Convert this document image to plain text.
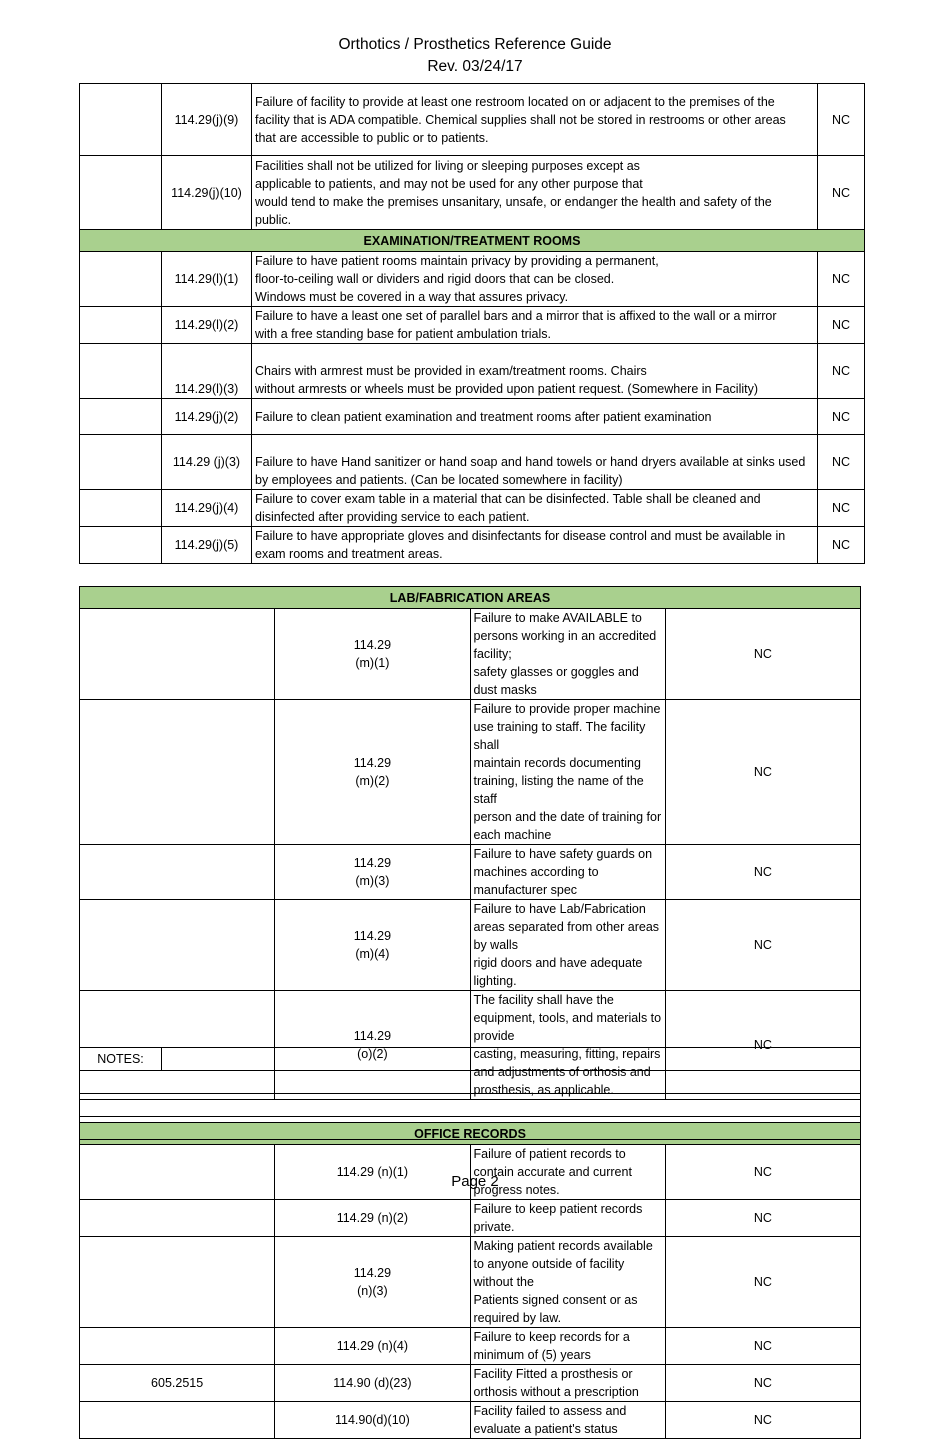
Orthotics / Prosthetics Reference Guide
Rev. 03/24/17
	114.29(j)(9)	Failure of facility to provide at least one restroom located on or adjacent to the premises of the
facility that is ADA compatible. Chemical supplies shall not be stored in restrooms or other areas
that are accessible to public or to patients.	NC
	114.29(j)(10)	Facilities shall not be utilized for living or sleeping purposes except as
applicable to patients, and may not be used for any other purpose that
would tend to make the premises unsanitary, unsafe, or endanger the health and safety of the
public.	NC
EXAMINATION/TREATMENT ROOMS			
	114.29(l)(1)	Failure to have patient rooms maintain privacy by providing a permanent,
floor-to-ceiling wall or dividers and rigid doors that can be closed.
Windows must be covered in a way that assures privacy.	NC
	114.29(l)(2)	Failure to have a least one set of parallel bars and a mirror that is affixed to the wall or a mirror
with a free standing base for patient ambulation trials.	NC
	114.29(l)(3)	Chairs with armrest must be provided in exam/treatment rooms. Chairs
without armrests or wheels must be provided upon patient request. (Somewhere in Facility)	NC
	114.29(j)(2)	Failure to clean patient examination and treatment rooms after patient examination	NC
	114.29 (j)(3)	Failure to have Hand sanitizer or hand soap and hand towels or hand dryers available at sinks used
by employees and patients. (Can be located somewhere in facility)	NC
	114.29(j)(4)	Failure to cover exam table in a material that can be disinfected. Table shall be cleaned and
disinfected after providing service to each patient.	NC
	114.29(j)(5)	Failure to have appropriate gloves and disinfectants for disease control and must be available in
exam rooms and treatment areas.	NC
LAB/FABRICATION AREAS			
	114.29
(m)(1)	Failure to make AVAILABLE to persons working in an accredited facility;
safety glasses or goggles and dust masks	NC
	114.29
(m)(2)	Failure to provide proper machine use training to staff. The facility shall
maintain records documenting training, listing the name of the staff
person and the date of training for each machine	NC
	114.29
(m)(3)	Failure to have safety guards on machines according to manufacturer spec	NC
	114.29
(m)(4)	Failure to have Lab/Fabrication areas separated from other areas by walls
rigid doors and have adequate lighting.	NC
	114.29
(o)(2)	The facility shall have the equipment, tools, and materials to provide
casting, measuring, fitting, repairs and adjustments of orthosis and
prosthesis, as applicable.	NC

OFFICE RECORDS			
	114.29 (n)(1)	Failure of patient records to contain accurate and current progress notes.	NC
	114.29 (n)(2)	Failure to keep patient records private.	NC
	114.29
(n)(3)	Making patient records available to anyone outside of facility without the
Patients signed consent or as required by law.	NC
	114.29 (n)(4)	Failure to keep records for a minimum of (5) years	NC
605.2515	114.90 (d)(23)	Facility Fitted a prosthesis or orthosis without a prescription	NC
	114.90(d)(10)	Facility failed to assess and evaluate a patient's status	NC
NOTES:	

Page 2
